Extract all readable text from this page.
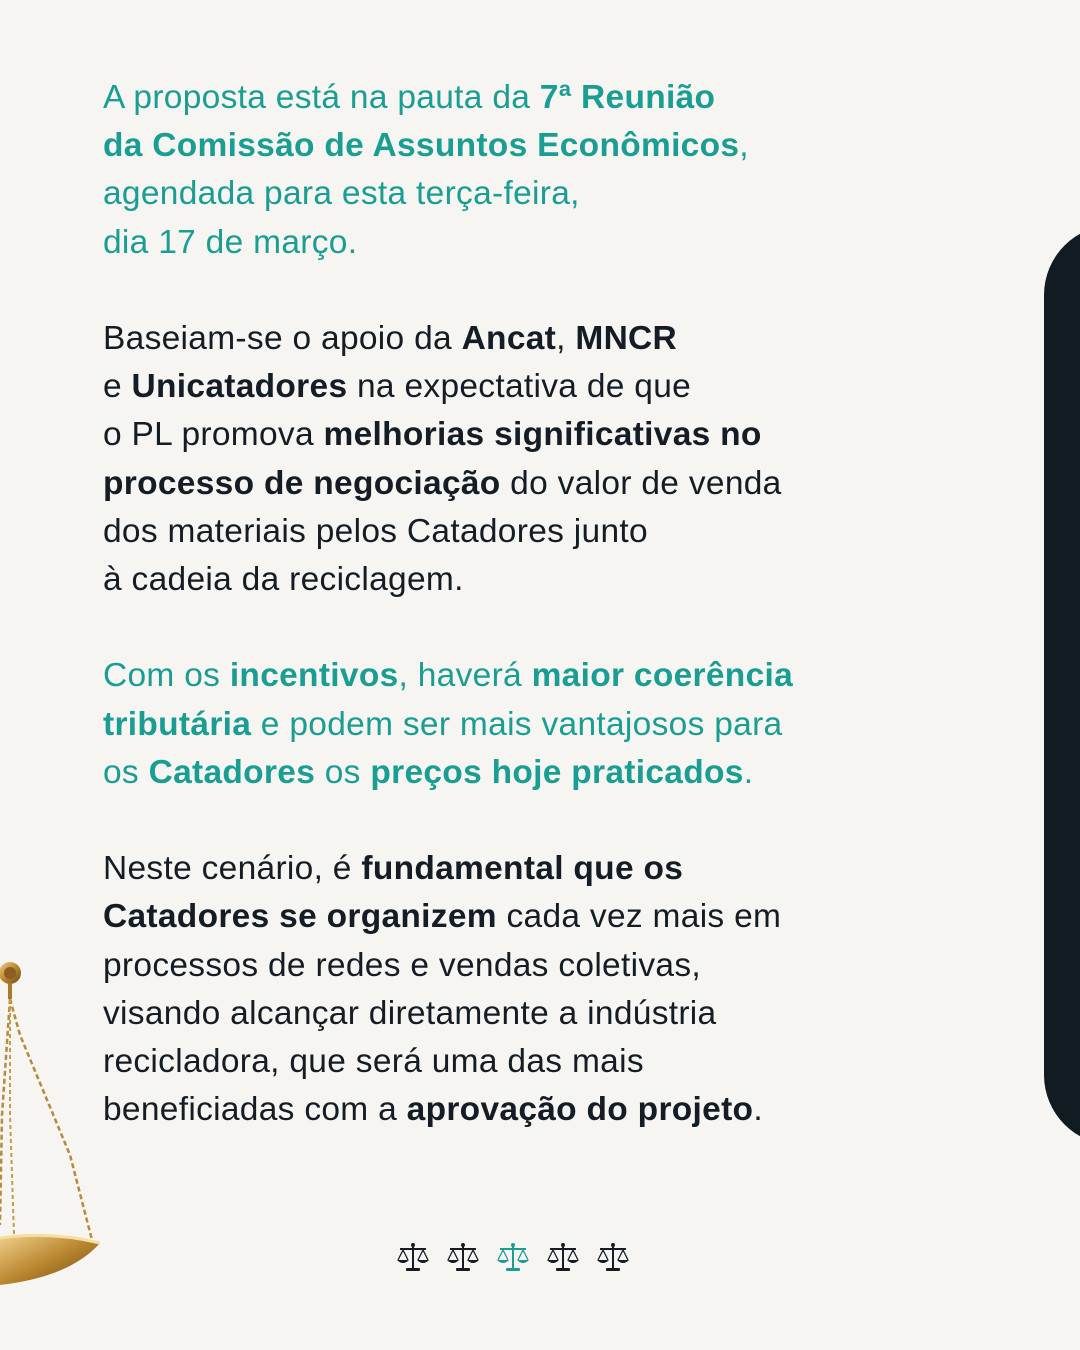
A proposta está na pauta da 7ª Reunião
da Comissão de Assuntos Econômicos,
agendada para esta terça-feira,
dia 17 de março.
Baseiam-se o apoio da Ancat, MNCR
e Unicatadores na expectativa de que
o PL promova melhorias significativas no
processo de negociação do valor de venda
dos materiais pelos Catadores junto
à cadeia da reciclagem.
Com os incentivos, haverá maior coerência
tributária e podem ser mais vantajosos para
os Catadores os preços hoje praticados.
Neste cenário, é fundamental que os
Catadores se organizem cada vez mais em
processos de redes e vendas coletivas,
visando alcançar diretamente a indústria
recicladora, que será uma das mais
beneficiadas com a aprovação do projeto.
